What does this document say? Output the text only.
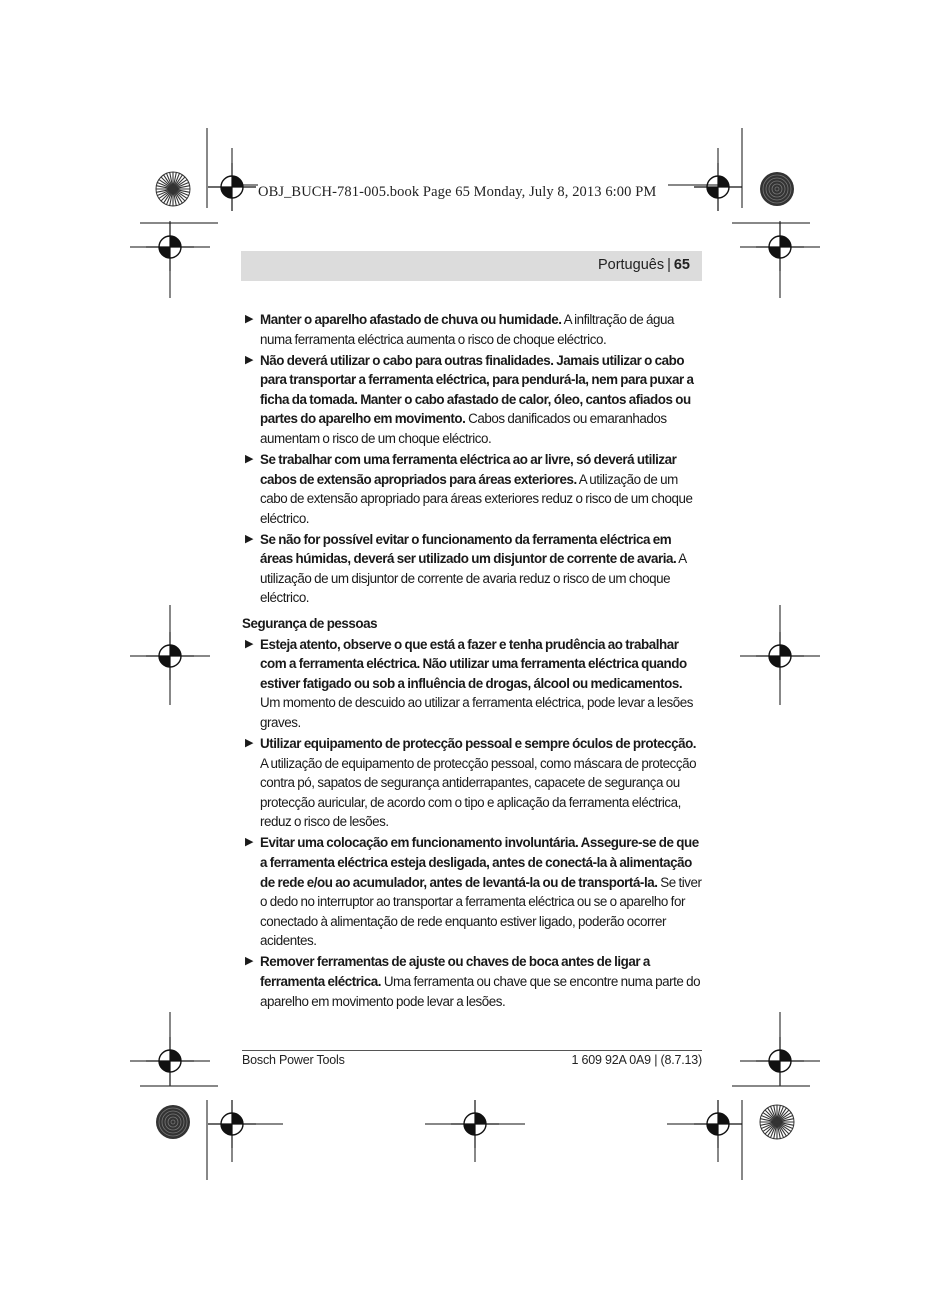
OBJ_BUCH-781-005.book Page 65 Monday, July 8, 2013 6:00 PM
Português | 65
▶ Manter o aparelho afastado de chuva ou humidade. A infiltração de água numa ferramenta eléctrica aumenta o risco de choque eléctrico.
▶ Não deverá utilizar o cabo para outras finalidades. Jamais utilizar o cabo para transportar a ferramenta eléctrica, para pendurá-la, nem para puxar a ficha da tomada. Manter o cabo afastado de calor, óleo, cantos afiados ou partes do aparelho em movimento. Cabos danificados ou emaranhados aumentam o risco de um choque eléctrico.
▶ Se trabalhar com uma ferramenta eléctrica ao ar livre, só deverá utilizar cabos de extensão apropriados para áreas exteriores. A utilização de um cabo de extensão apropriado para áreas exteriores reduz o risco de um choque eléctrico.
▶ Se não for possível evitar o funcionamento da ferramenta eléctrica em áreas húmidas, deverá ser utilizado um disjuntor de corrente de avaria. A utilização de um disjuntor de corrente de avaria reduz o risco de um choque eléctrico.
Segurança de pessoas
▶ Esteja atento, observe o que está a fazer e tenha prudência ao trabalhar com a ferramenta eléctrica. Não utilizar uma ferramenta eléctrica quando estiver fatigado ou sob a influência de drogas, álcool ou medicamentos. Um momento de descuido ao utilizar a ferramenta eléctrica, pode levar a lesões graves.
▶ Utilizar equipamento de protecção pessoal e sempre óculos de protecção. A utilização de equipamento de protecção pessoal, como máscara de protecção contra pó, sapatos de segurança antiderrapantes, capacete de segurança ou protecção auricular, de acordo com o tipo e aplicação da ferramenta eléctrica, reduz o risco de lesões.
▶ Evitar uma colocação em funcionamento involuntária. Assegure-se de que a ferramenta eléctrica esteja desligada, antes de conectá-la à alimentação de rede e/ou ao acumulador, antes de levantá-la ou de transportá-la. Se tiver o dedo no interruptor ao transportar a ferramenta eléctrica ou se o aparelho for conectado à alimentação de rede enquanto estiver ligado, poderão ocorrer acidentes.
▶ Remover ferramentas de ajuste ou chaves de boca antes de ligar a ferramenta eléctrica. Uma ferramenta ou chave que se encontre numa parte do aparelho em movimento pode levar a lesões.
Bosch Power Tools	1 609 92A 0A9 | (8.7.13)
